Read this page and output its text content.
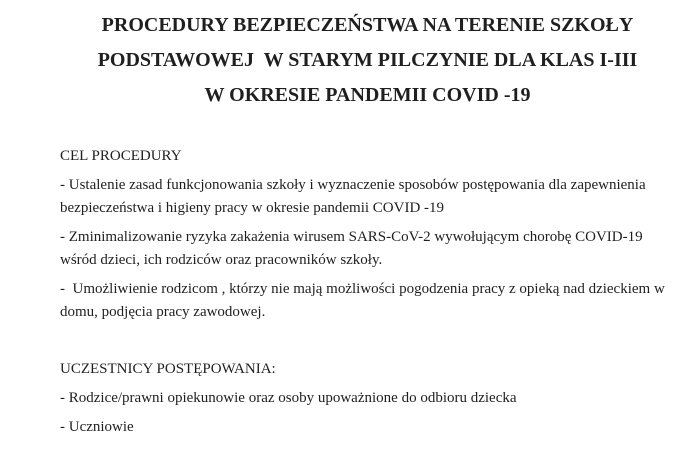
PROCEDURY BEZPIECZEŃSTWA NA TERENIE SZKOŁY
PODSTAWOWEJ  W STARYM PILCZYNIE DLA KLAS I-III
W OKRESIE PANDEMII COVID -19
CEL PROCEDURY

- Ustalenie zasad funkcjonowania szkoły i wyznaczenie sposobów postępowania dla zapewnienia bezpieczeństwa i higieny pracy w okresie pandemii COVID -19

- Zminimalizowanie ryzyka zakażenia wirusem SARS-CoV-2 wywołującym chorobę COVID-19 wśród dzieci, ich rodziców oraz pracowników szkoły.

-  Umożliwienie rodzicom , którzy nie mają możliwości pogodzenia pracy z opieką nad dzieckiem w domu, podjęcia pracy zawodowej.

UCZESTNICY POSTĘPOWANIA:

- Rodzice/prawni opiekunowie oraz osoby upoważnione do odbioru dziecka

- Uczniowie
